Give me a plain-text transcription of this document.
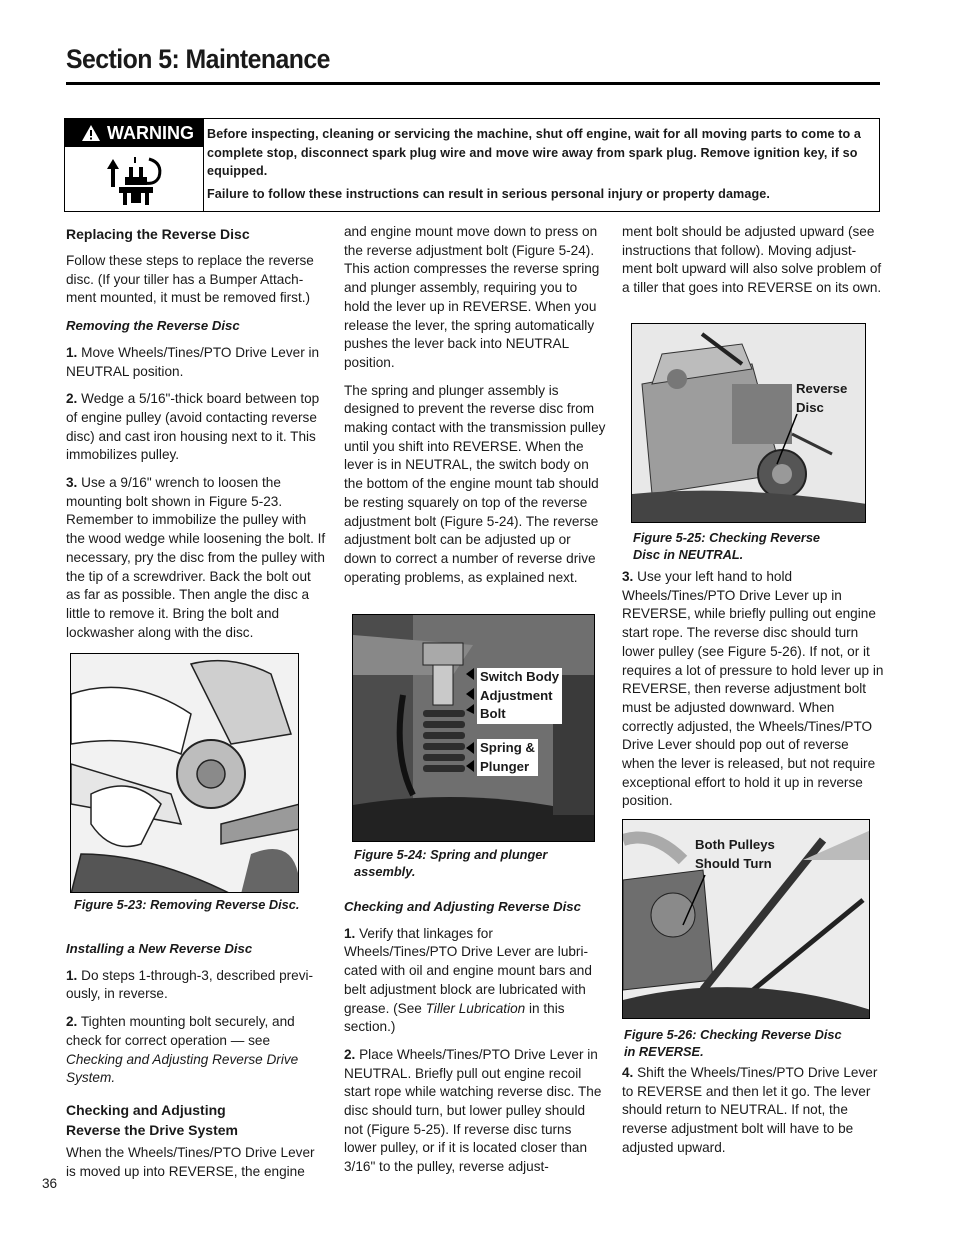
Section 5: Maintenance
WARNING Before inspecting, cleaning or servicing the machine, shut off engine, wait for all moving parts to come to a complete stop, disconnect spark plug wire and move wire away from spark plug. Remove ignition key, if so equipped.

Failure to follow these instructions can result in serious personal injury or property damage.

Replacing the Reverse Disc

Follow these steps to replace the reverse disc. (If your tiller has a Bumper Attach-ment mounted, it must be removed first.)

Removing the Reverse Disc

1. Move Wheels/Tines/PTO Drive Lever in NEUTRAL position.

2. Wedge a 5/16"-thick board between top of engine pulley (avoid contacting reverse disc) and cast iron housing next to it. This immobilizes pulley.

3. Use a 9/16" wrench to loosen the mounting bolt shown in Figure 5-23. Remember to immobilize the pulley with the wood wedge while loosening the bolt. If necessary, pry the disc from the pulley with the tip of a screwdriver. Back the bolt out as far as possible. Then angle the disc a little to remove it. Bring the bolt and lockwasher along with the disc.

Figure 5-23: Removing Reverse Disc.
Installing a New Reverse Disc

1. Do steps 1-through-3, described previ-ously, in reverse.

2. Tighten mounting bolt securely, and check for correct operation — see Checking and Adjusting Reverse Drive System.

Checking and Adjusting
Reverse the Drive System

When the Wheels/Tines/PTO Drive Lever is moved up into REVERSE, the engine

and engine mount move down to press on the reverse adjustment bolt (Figure 5-24). This action compresses the reverse spring and plunger assembly, requiring you to hold the lever up in REVERSE. When you release the lever, the spring automatically pushes the lever back into NEUTRAL position.

The spring and plunger assembly is designed to prevent the reverse disc from making contact with the transmission pulley until you shift into REVERSE. When the lever is in NEUTRAL, the switch body on the bottom of the engine mount tab should be resting squarely on top of the reverse adjustment bolt (Figure 5-24). The reverse adjustment bolt can be adjusted up or down to correct a number of reverse drive operating problems, as explained next.

Switch Body
Adjustment
Bolt
Spring &
Plunger
Figure 5-24: Spring and plunger
assembly.
Checking and Adjusting Reverse Disc

1. Verify that linkages for Wheels/Tines/PTO Drive Lever are lubri-cated with oil and engine mount bars and belt adjustment block are lubricated with grease. (See Tiller Lubrication in this section.)

2. Place Wheels/Tines/PTO Drive Lever in NEUTRAL. Briefly pull out engine recoil start rope while watching reverse disc. The disc should turn, but lower pulley should not (Figure 5-25). If reverse disc turns lower pulley, or if it is located closer than 3/16" to the pulley, reverse adjust-

ment bolt should be adjusted upward (see instructions that follow). Moving adjust-ment bolt upward will also solve problem of a tiller that goes into REVERSE on its own.

Reverse
Disc
Figure 5-25: Checking Reverse
Disc in NEUTRAL.

3. Use your left hand to hold Wheels/Tines/PTO Drive Lever up in REVERSE, while briefly pulling out engine start rope. The reverse disc should turn lower pulley (see Figure 5-26). If not, or it requires a lot of pressure to hold lever up in REVERSE, then reverse adjustment bolt must be adjusted downward. When correctly adjusted, the Wheels/Tines/PTO Drive Lever should pop out of reverse when the lever is released, but not require exceptional effort to hold it up in reverse position.

Both Pulleys
Should Turn
Figure 5-26: Checking Reverse Disc
in REVERSE.

4. Shift the Wheels/Tines/PTO Drive Lever to REVERSE and then let it go. The lever should return to NEUTRAL. If not, the reverse adjustment bolt will have to be adjusted upward.

36
